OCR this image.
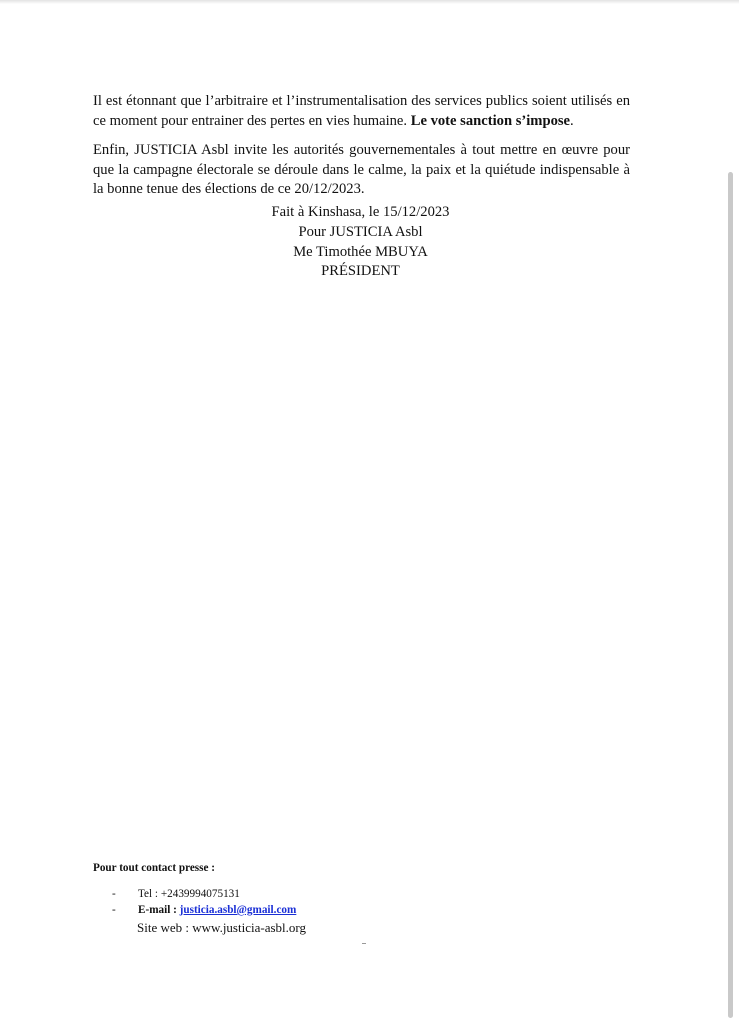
Il est étonnant que l’arbitraire et l’instrumentalisation des services publics soient utilisés en ce moment pour entrainer des pertes en vies humaine. Le vote sanction s’impose.

Enfin, JUSTICIA Asbl invite les autorités gouvernementales à tout mettre en œuvre pour que la campagne électorale se déroule dans le calme, la paix et la quiétude indispensable à la bonne tenue des élections de ce 20/12/2023.

Fait à Kinshasa, le 15/12/2023
Pour JUSTICIA Asbl
Me Timothée MBUYA
PRÉSIDENT
Pour tout contact presse :
-	Tel : +2439994075131
-	E-mail : justicia.asbl@gmail.com
Site web : www.justicia-asbl.org
